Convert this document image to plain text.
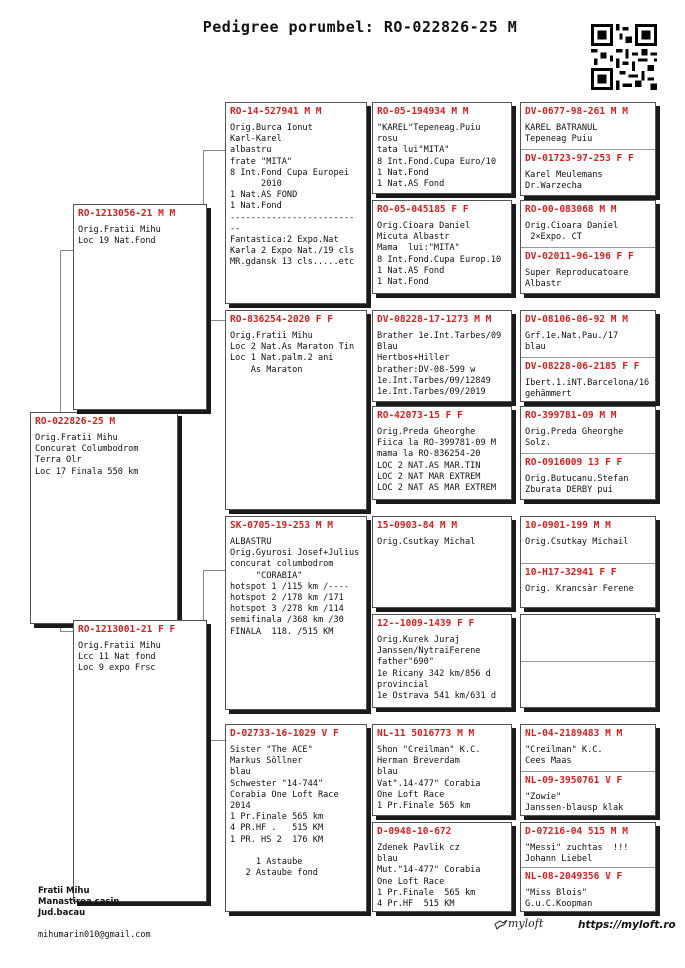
Pedigree porumbel: RO-022826-25 M
RO-022826-25 M
Orig.Fratii Mihu
Concurat Columbodrom
Terra Olr
Loc 17 Finala 550 km
RO-1213056-21 M M
Orig.Fratii Mihu
Loc 19 Nat.Fond
RO-1213001-21 F F
Orig.Fratii Mihu
Lcc 11 Nat fond
Loc 9 expo Frsc
RO-14-527941 M M
Orig.Burca Ionut
Karl-Karel
albastru
frate "MITA"
8 Int.Fond Cupa Europei
2010
1 Nat.AS FOND
1 Nat.Fond
------------------------
--
Fantastica:2 Expo.Nat
Karla 2 Expo Nat./19 cls
MR.gdansk 13 cls.....etc
RO-836254-2020 F F
Orig.Fratii Mihu
Loc 2 Nat.As Maraton Tin
Loc 1 Nat.palm.2 ani
As Maraton
SK-0705-19-253 M M
ALBASTRU
Orig.Gyurosi Josef+Julius
concurat columbodrom
"CORABIA"
hotspot 1 /115 km /----
hotspot 2 /178 km /171
hotspot 3 /278 km /114
semifinala /368 km /30
FINALA  118. /515 KM
D-02733-16-1029 V F
Sister "The ACE"
Markus Söllner
blau
Schwester "14-744"
Corabia One Loft Race 2014
1 Pr.Finale 565 km
4 PR.HF .   515 KM
1 PR. HS 2  176 KM

1 Astaube
2 Astaube fond
RO-05-194934 M M
"KAREL"Tepeneag.Puiu
rosu
tata lui"MITA"
8 Int.Fond.Cupa Euro/10
1 Nat.Fond
1 Nat.AS Fond
RO-05-045185 F F
Orig.Cioara Daniel
Micuta Albastr
Mama  lui:"MITA"
8 Int.Fond.Cupa Europ.10
1 Nat.AS Fond
1 Nat.Fond
DV-08228-17-1273 M M
Brather 1e.Int.Tarbes/09
Blau
Hertbos+Hiller
brather:DV-08-599 w
1e.Int.Tarbes/09/12849
1e.Int.Tarbes/09/2019
RO-42073-15 F F
Orig.Preda Gheorghe
Fiica la RO-399781-09 M
mama la RO-836254-20
LOC 2 NAT.AS MAR.TIN
LOC 2 NAT MAR EXTREM
LOC 2 NAT AS MAR EXTREM
15-0903-84 M M
Orig.Csutkay Michal
12--1009-1439 F F
Orig.Kurek Juraj
Janssen/NytraiFerene
father"690"
1e Ricany 342 km/856 d
provincial
1e Ostrava 541 km/631 d
NL-11 5016773 M M
Shon "Creilman" K.C.
Herman Breverdam
blau
Vat".14-477" Corabia
One Loft Race
1 Pr.Finale 565 km
D-0948-10-672
Zdenek Pavlik cz
blau
Mut."14-477" Corabia
One Loft Race
1 Pr.Finale  565 km
4 Pr.HF  515 KM
DV-0677-98-261 M M
KAREL BATRANUL
Tepeneag Puiu
DV-01723-97-253 F F
Karel Meulemans
Dr.Warzecha
RO-00-083068 M M
Orig.Cioara Daniel
2×Expo. CT
DV-02011-96-196 F F
Super Reproducatoare
Albastr
DV-08106-06-92 M M
Grf.1e.Nat.Pau./17
blau
DV-08228-06-2185 F F
Ibert.1.iNT.Barcelona/16
gehämmert
RO-399781-09 M M
Orig.Preda Gheorghe
Solz.
RO-0916009 13 F F
Orig.Butucanu.Stefan
Zburata DERBY pui
10-0901-199 M M
Orig.Csutkay Michail
10-H17-32941 F F
Orig. Krancsàr Ferene
NL-04-2189483 M M
"Creilman" K.C.
Cees Maas
NL-09-3950761 V F
"Zowie"
Janssen-blausp klak
D-07216-04 515 M M
"Messi" zuchtas  !!!
Johann Liebel
NL-08-2049356 V F
"Miss Blois"
G.u.C.Koopman
Fratii Mihu
Manastirea casin
Jud.bacau
mihumarin010@gmail.com
myloft	https://myloft.ro
